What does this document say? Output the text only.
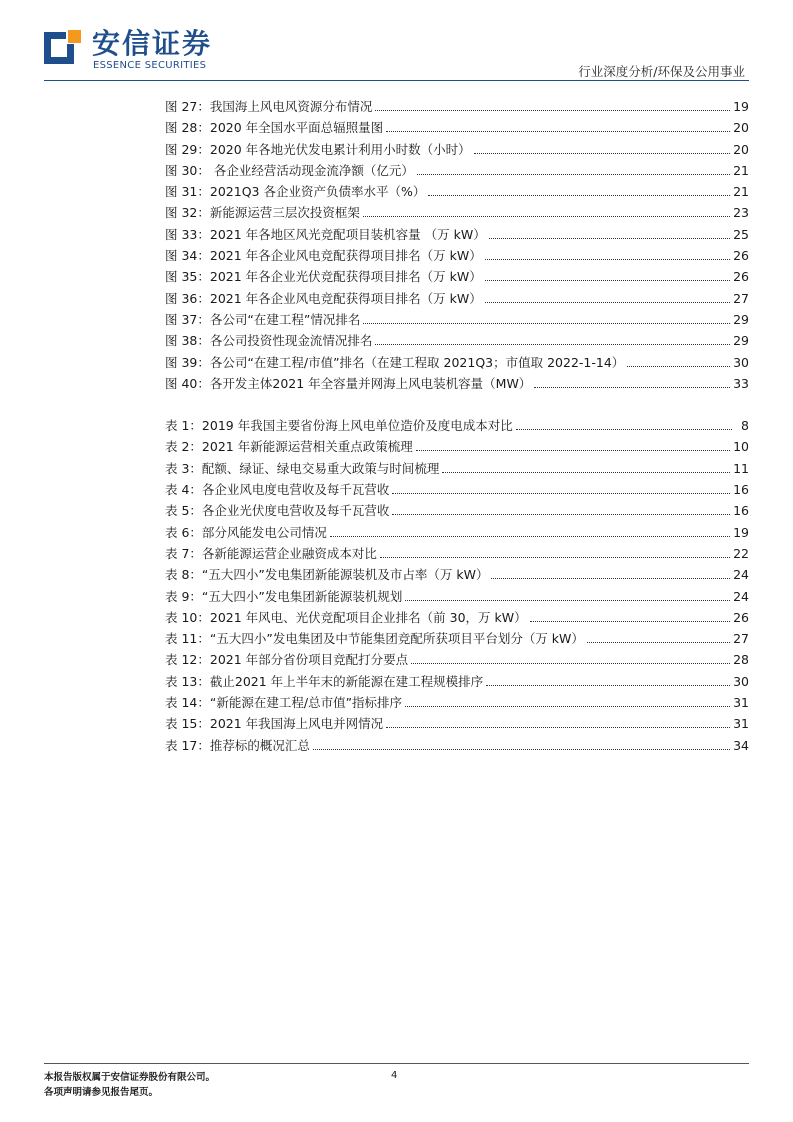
安信证券
ESSENCE SECURITIES	行业深度分析/环保及公用事业
图 27：我国海上风电风资源分布情况	19
图 28：2020 年全国水平面总辐照量图	20
图 29：2020 年各地光伏发电累计利用小时数（小时）	20
图 30： 各企业经营活动现金流净额（亿元）	21
图 31：2021Q3 各企业资产负债率水平（%）	21
图 32：新能源运营三层次投资框架	23
图 33：2021 年各地区风光竞配项目装机容量 （万 kW）	25
图 34：2021 年各企业风电竞配获得项目排名（万 kW）	26
图 35：2021 年各企业光伏竞配获得项目排名（万 kW）	26
图 36：2021 年各企业风电竞配获得项目排名（万 kW）	27
图 37：各公司“在建工程”情况排名	29
图 38：各公司投资性现金流情况排名	29
图 39：各公司“在建工程/市值”排名（在建工程取 2021Q3；市值取 2022-1-14）	30
图 40：各开发主体2021 年全容量并网海上风电装机容量（MW）	33
表 1：2019 年我国主要省份海上风电单位造价及度电成本对比	8
表 2：2021 年新能源运营相关重点政策梳理	10
表 3：配额、绿证、绿电交易重大政策与时间梳理	11
表 4：各企业风电度电营收及每千瓦营收	16
表 5：各企业光伏度电营收及每千瓦营收	16
表 6：部分风能发电公司情况	19
表 7：各新能源运营企业融资成本对比	22
表 8：“五大四小”发电集团新能源装机及市占率（万 kW）	24
表 9：“五大四小”发电集团新能源装机规划	24
表 10：2021 年风电、光伏竞配项目企业排名（前 30，万 kW）	26
表 11：“五大四小”发电集团及中节能集团竞配所获项目平台划分（万 kW）	27
表 12：2021 年部分省份项目竞配打分要点	28
表 13：截止2021 年上半年末的新能源在建工程规模排序	30
表 14：“新能源在建工程/总市值”指标排序	31
表 15：2021 年我国海上风电并网情况	31
表 17：推荐标的概况汇总	34
本报告版权属于安信证券股份有限公司。
各项声明请参见报告尾页。
4
